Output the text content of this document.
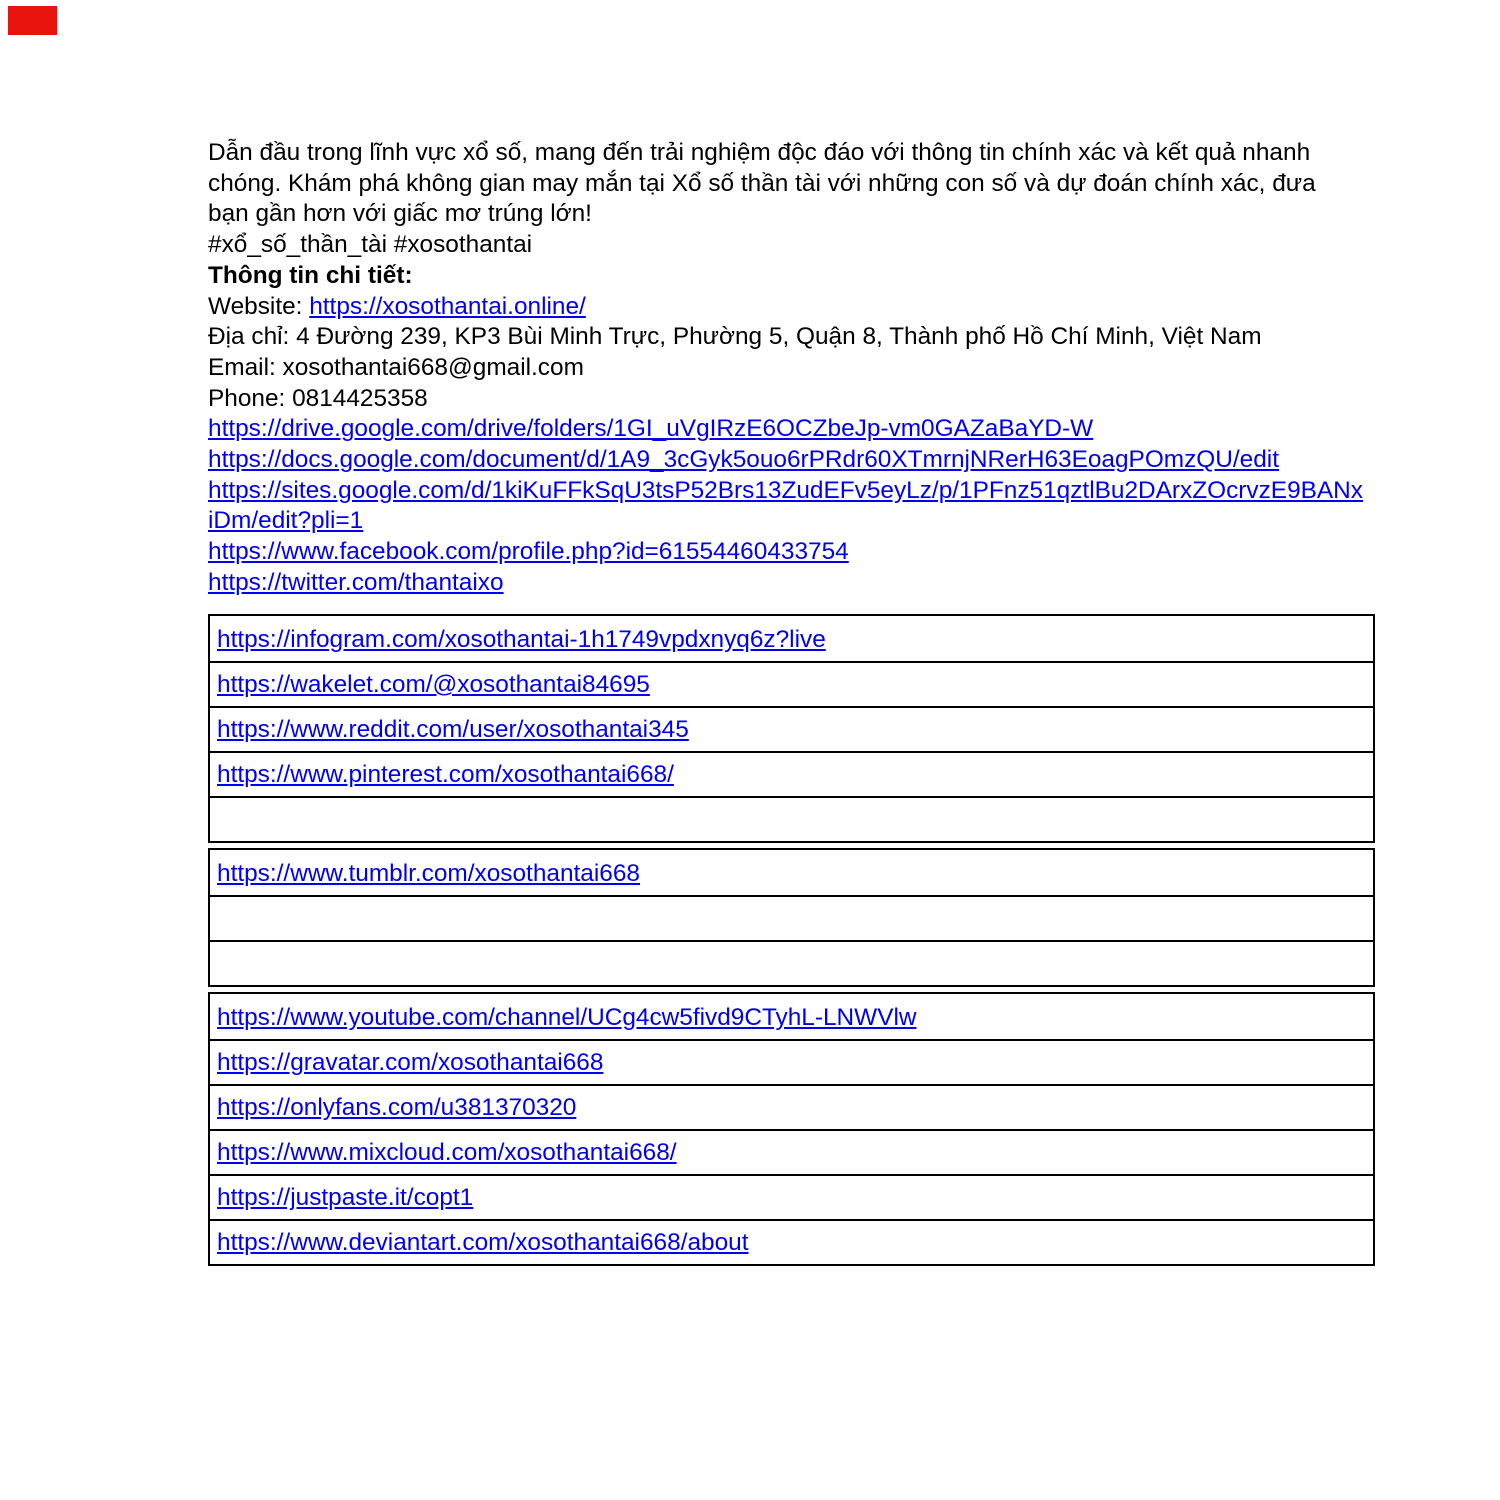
Dẫn đầu trong lĩnh vực xổ số, mang đến trải nghiệm độc đáo với thông tin chính xác và kết quả nhanh chóng. Khám phá không gian may mắn tại Xổ số thần tài với những con số và dự đoán chính xác, đưa bạn gần hơn với giấc mơ trúng lớn!

#xổ_số_thần_tài #xosothantai

Thông tin chi tiết:

Website: https://xosothantai.online/

Địa chỉ: 4 Đường 239, KP3 Bùi Minh Trực, Phường 5, Quận 8, Thành phố Hồ Chí Minh, Việt Nam

Email: xosothantai668@gmail.com

Phone: 0814425358

https://drive.google.com/drive/folders/1GI_uVgIRzE6OCZbeJp-vm0GAZaBaYD-W

https://docs.google.com/document/d/1A9_3cGyk5ouo6rPRdr60XTmrnjNRerH63EoagPOmzQU/edit

https://sites.google.com/d/1kiKuFFkSqU3tsP52Brs13ZudEFv5eyLz/p/1PFnz51qztlBu2DArxZOcrvzE9BANxiDm/edit?pli=1

https://www.facebook.com/profile.php?id=61554460433754

https://twitter.com/thantaixo

https://infogram.com/xosothantai-1h1749vpdxnyq6z?live
https://wakelet.com/@xosothantai84695
https://www.reddit.com/user/xosothantai345
https://www.pinterest.com/xosothantai668/
https://www.tumblr.com/xosothantai668
https://www.youtube.com/channel/UCg4cw5fivd9CTyhL-LNWVlw
https://gravatar.com/xosothantai668
https://onlyfans.com/u381370320
https://www.mixcloud.com/xosothantai668/
https://justpaste.it/copt1
https://www.deviantart.com/xosothantai668/about
